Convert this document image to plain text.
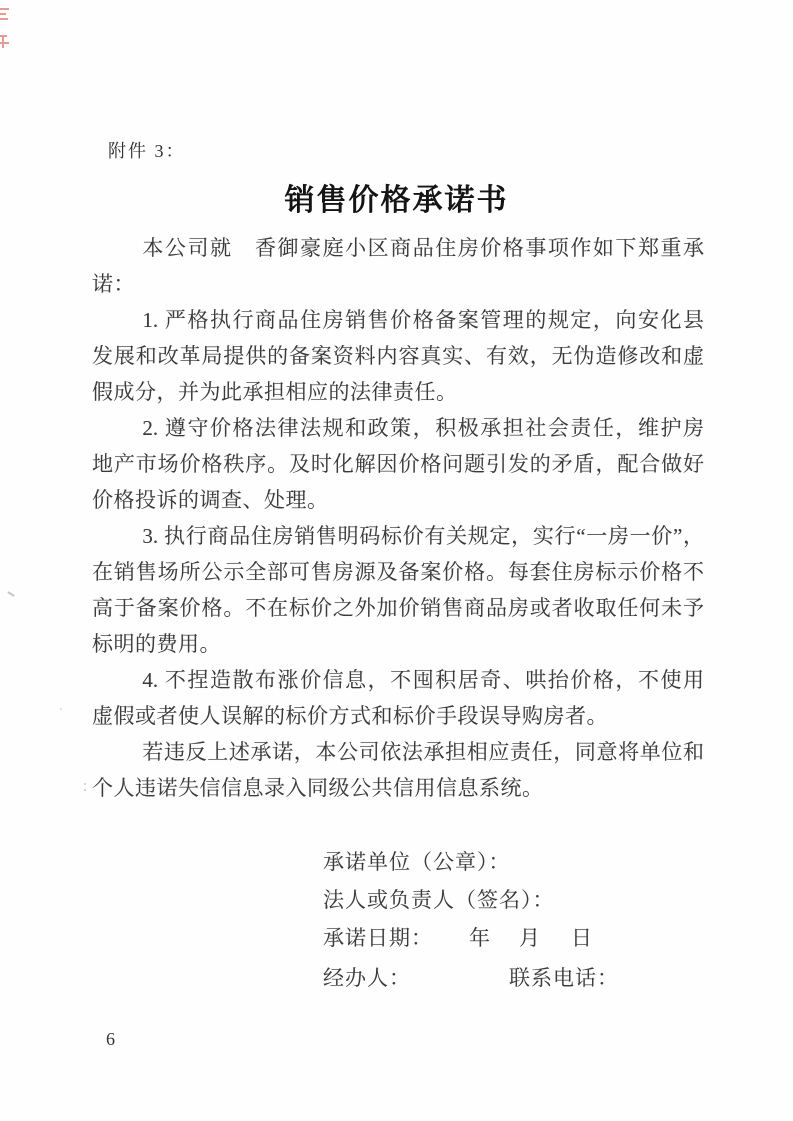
附件 3：
销售价格承诺书
本公司就　香御豪庭小区商品住房价格事项作如下郑重承
诺：
1. 严格执行商品住房销售价格备案管理的规定，向安化县
发展和改革局提供的备案资料内容真实、有效，无伪造修改和虚
假成分，并为此承担相应的法律责任。
2. 遵守价格法律法规和政策，积极承担社会责任，维护房
地产市场价格秩序。及时化解因价格问题引发的矛盾，配合做好
价格投诉的调查、处理。
3. 执行商品住房销售明码标价有关规定，实行“一房一价”，
在销售场所公示全部可售房源及备案价格。每套住房标示价格不
高于备案价格。不在标价之外加价销售商品房或者收取任何未予
标明的费用。
4. 不捏造散布涨价信息，不囤积居奇、哄抬价格，不使用
虚假或者使人误解的标价方式和标价手段误导购房者。
若违反上述承诺，本公司依法承担相应责任，同意将单位和
个人违诺失信信息录入同级公共信用信息系统。
承诺单位（公章）：
法人或负责人（签名）：
承诺日期： 年 月 日
经办人：	联系电话：
6
